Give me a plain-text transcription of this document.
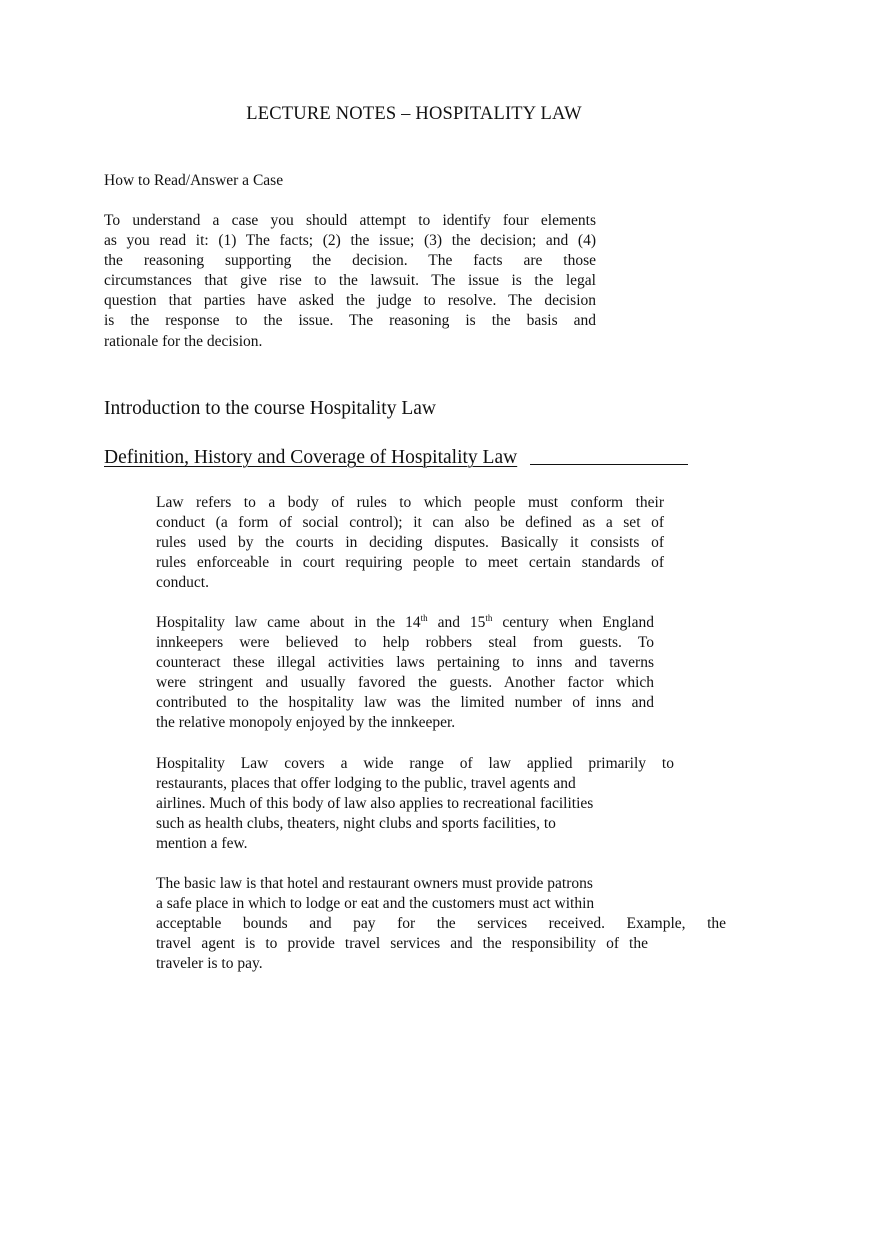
LECTURE NOTES – HOSPITALITY LAW
How to Read/Answer a Case
To understand a case you should attempt to identify four elements
as you read it: (1) The facts; (2) the issue; (3) the decision; and (4)
the reasoning supporting the decision. The facts are those
circumstances that give rise to the lawsuit. The issue is the legal
question that parties have asked the judge to resolve. The decision
is the response to the issue. The reasoning is the basis and
rationale for the decision.
Introduction to the course Hospitality Law
Definition, History and Coverage of Hospitality Law
Law refers to a body of rules to which people must conform their
conduct (a form of social control); it can also be defined as a set of
rules used by the courts in deciding disputes. Basically it consists of
rules enforceable in court requiring people to meet certain standards of
conduct.
Hospitality law came about in the 14th and 15th century when England
innkeepers were believed to help robbers steal from guests. To
counteract these illegal activities laws pertaining to inns and taverns
were stringent and usually favored the guests. Another factor which
contributed to the hospitality law was the limited number of inns and
the relative monopoly enjoyed by the innkeeper.
Hospitality Law covers a wide range of law applied primarily to
restaurants, places that offer lodging to the public, travel agents and
airlines. Much of this body of law also applies to recreational facilities
such as health clubs, theaters, night clubs and sports facilities, to
mention a few.
The basic law is that hotel and restaurant owners must provide patrons
a safe place in which to lodge or eat and the customers must act within
acceptable bounds and pay for the services received. Example, the
travel agent is to provide travel services and the responsibility of the
traveler is to pay.
